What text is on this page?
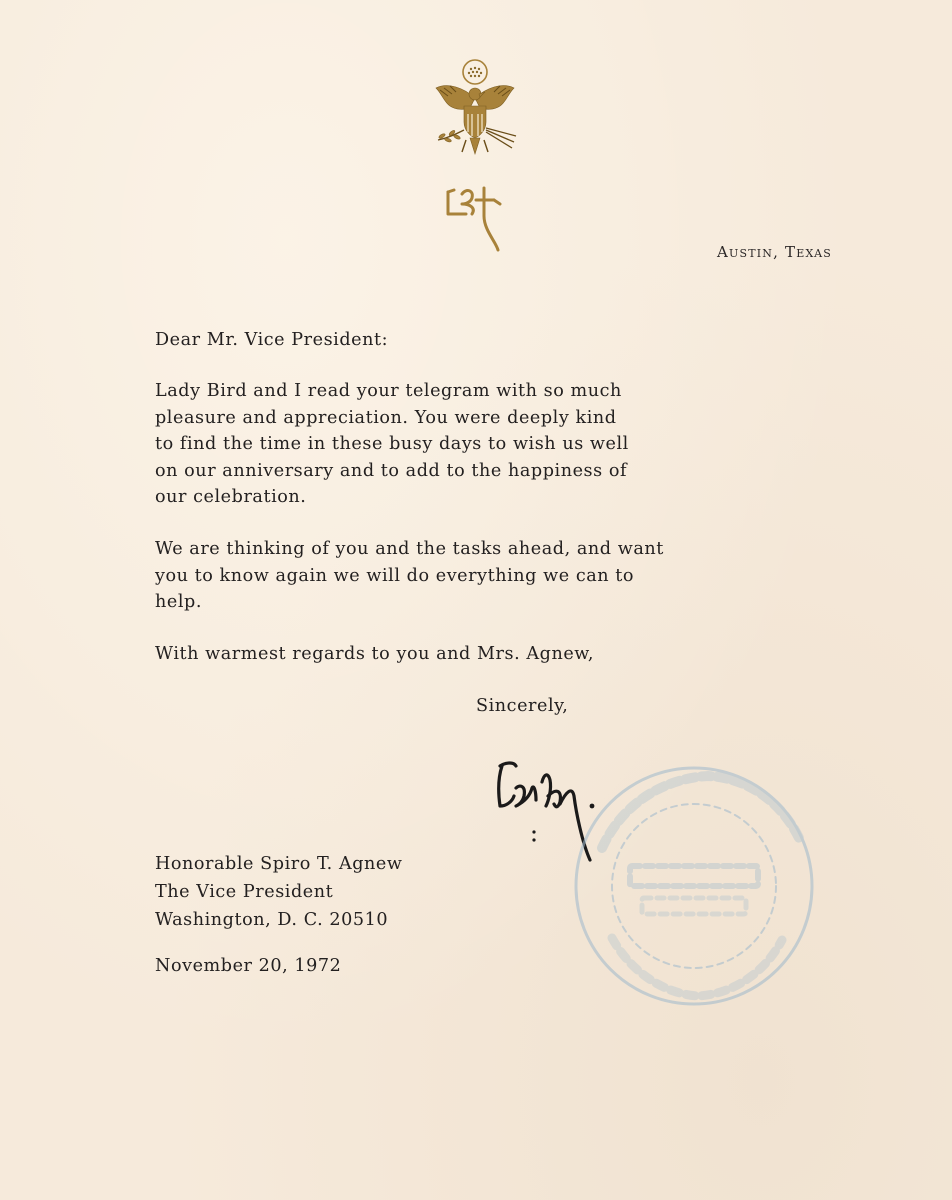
Austin, Texas
Dear Mr. Vice President:
Lady Bird and I read your telegram with so much
pleasure and appreciation. You were deeply kind
to find the time in these busy days to wish us well
on our anniversary and to add to the happiness of
our celebration.
We are thinking of you and the tasks ahead, and want
you to know again we will do everything we can to
help.
With warmest regards to you and Mrs. Agnew,
Sincerely,
Honorable Spiro T. Agnew
The Vice President
Washington, D. C. 20510
November 20, 1972
